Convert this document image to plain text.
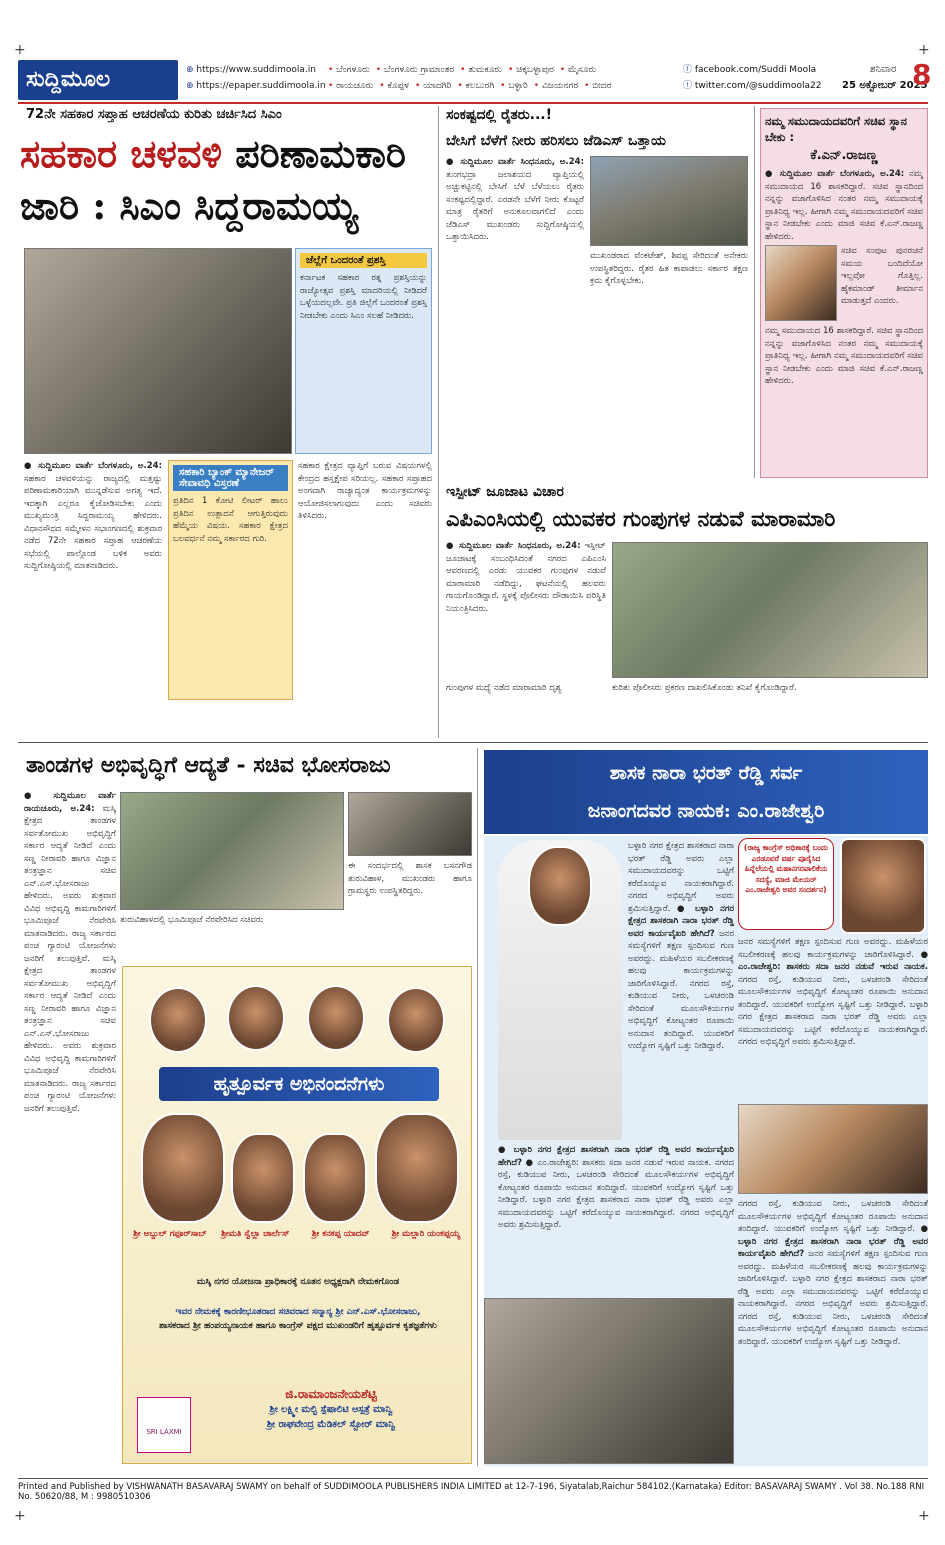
+	+
+	+
ಸುದ್ದಿಮೂಲ	⊕ https://www.suddimoola.in
⊕ https://epaper.suddimoola.in
• ಬೆಂಗಳೂರು • ಬೆಂಗಳೂರು ಗ್ರಾಮಾಂತರ • ತುಮಕೂರು • ಚಿಕ್ಕಬಳ್ಳಾಪುರ • ಮೈಸೂರು
• ರಾಯಚೂರು • ಕೊಪ್ಪಳ • ಯಾದಗಿರಿ • ಕಲಬುರಗಿ • ಬಳ್ಳಾರಿ • ವಿಜಯನಗರ • ಬೀದರ
ⓕ facebook.com/Suddi Moola
ⓣ twitter.com/@suddimoola22
ಶನಿವಾರ
25 ಅಕ್ಟೋಬರ್ 2025
8
72ನೇ ಸಹಕಾರ ಸಪ್ತಾಹ ಆಚರಣೆಯ ಕುರಿತು ಚರ್ಚಿಸಿದ ಸಿಎಂ
ಸಹಕಾರ ಚಳವಳಿ ಪರಿಣಾಮಕಾರಿ
ಜಾರಿ : ಸಿಎಂ ಸಿದ್ದರಾಮಯ್ಯ
ಜೆಲ್ಲೆಗೆ ಒಂದರಂತೆ ಪ್ರಶಸ್ತಿ
ಕರ್ನಾಟಕ ಸಹಕಾರ ರತ್ನ ಪ್ರಶಸ್ತಿಯನ್ನು ರಾಜ್ಯೋತ್ಸವ ಪ್ರಶಸ್ತಿ ಮಾದರಿಯಲ್ಲಿ ನೀಡಿದರೆ ಒಳ್ಳೆಯದಲ್ಲವೇ. ಪ್ರತಿ ಜಿಲ್ಲೆಗೆ ಒಂದರಂತೆ ಪ್ರಶಸ್ತಿ ನೀಡಬೇಕು ಎಂದು ಸಿಎಂ ಸಲಹೆ ನೀಡಿದರು.
● ಸುದ್ದಿಮೂಲ ವಾರ್ತೆ ಬೆಂಗಳೂರು, ಅ.24: ಸಹಕಾರ ಚಳವಳಿಯನ್ನು ರಾಜ್ಯದಲ್ಲಿ ಮತ್ತಷ್ಟು ಪರಿಣಾಮಕಾರಿಯಾಗಿ ಮುನ್ನಡೆಸುವ ಅಗತ್ಯ ಇದೆ. ಇದಕ್ಕಾಗಿ ಎಲ್ಲರೂ ಕೈಜೋಡಿಸಬೇಕು ಎಂದು ಮುಖ್ಯಮಂತ್ರಿ ಸಿದ್ದರಾಮಯ್ಯ ಹೇಳಿದರು. ವಿಧಾನಸೌಧದ ಸಮ್ಮೇಳನ ಸಭಾಂಗಣದಲ್ಲಿ ಶುಕ್ರವಾರ ನಡೆದ 72ನೇ ಸಹಕಾರ ಸಪ್ತಾಹ ಆಚರಣೆಯ ಸಭೆಯಲ್ಲಿ ಪಾಲ್ಗೊಂಡ ಬಳಿಕ ಅವರು ಸುದ್ದಿಗೋಷ್ಠಿಯಲ್ಲಿ ಮಾತನಾಡಿದರು.
ಸಹಕಾರಿ ಬ್ಯಾಂಕ್ ಮ್ಯಾನೇಜರ್ ಸೇವಾವಧಿ ವಿಸ್ತರಣೆ
ಪ್ರತಿದಿನ 1 ಕೋಟಿ ಲೀಟರ್ ಹಾಲು ಪ್ರತಿದಿನ ಉತ್ಪಾದನೆ ಆಗುತ್ತಿರುವುದು ಹೆಮ್ಮೆಯ ವಿಷಯ. ಸಹಕಾರ ಕ್ಷೇತ್ರದ ಬಲವರ್ಧನೆ ನಮ್ಮ ಸರ್ಕಾರದ ಗುರಿ.
ಸಹಕಾರ ಕ್ಷೇತ್ರದ ವ್ಯಾಪ್ತಿಗೆ ಬರುವ ವಿಷಯಗಳಲ್ಲಿ ಕೇಂದ್ರದ ಹಸ್ತಕ್ಷೇಪ ಸರಿಯಲ್ಲ. ಸಹಕಾರ ಸಪ್ತಾಹದ ಅಂಗವಾಗಿ ರಾಜ್ಯಾದ್ಯಂತ ಕಾರ್ಯಕ್ರಮಗಳನ್ನು ಆಯೋಜಿಸಲಾಗುವುದು ಎಂದು ಸಚಿವರು ತಿಳಿಸಿದರು.
ಸಂಕಷ್ಟದಲ್ಲಿ ರೈತರು...!
ಬೇಸಿಗೆ ಬೆಳೆಗೆ ನೀರು ಹರಿಸಲು ಜೆಡಿಎಸ್ ಒತ್ತಾಯ
● ಸುದ್ದಿಮೂಲ ವಾರ್ತೆ ಸಿಂಧನೂರು, ಅ.24: ತುಂಗಭದ್ರಾ ಜಲಾಶಯದ ವ್ಯಾಪ್ತಿಯಲ್ಲಿ ಅಚ್ಚುಕಟ್ಟಿನಲ್ಲಿ ಬೇಸಿಗೆ ಬೆಳೆ ಬೆಳೆಯಲು ರೈತರು ಸಂಕಷ್ಟದಲ್ಲಿದ್ದಾರೆ. ಎರಡನೇ ಬೆಳೆಗೆ ನೀರು ಕೊಟ್ಟರೆ ಮಾತ್ರ ರೈತರಿಗೆ ಅನುಕೂಲವಾಗಲಿದೆ ಎಂದು ಜೆಡಿಎಸ್ ಮುಖಂಡರು ಸುದ್ದಿಗೋಷ್ಠಿಯಲ್ಲಿ ಒತ್ತಾಯಿಸಿದರು.
ಮುಖಂಡರಾದ ವೆಂಕಟೇಶ್, ಶಿವಪ್ಪ ಸೇರಿದಂತೆ ಅನೇಕರು ಉಪಸ್ಥಿತರಿದ್ದರು. ರೈತರ ಹಿತ ಕಾಪಾಡಲು ಸರ್ಕಾರ ತಕ್ಷಣ ಕ್ರಮ ಕೈಗೊಳ್ಳಬೇಕು.
ನಮ್ಮ ಸಮುದಾಯದವರಿಗೆ ಸಚಿವ ಸ್ಥಾನ ಬೇಕು :
ಕೆ.ಎನ್.ರಾಜಣ್ಣ
● ಸುದ್ದಿಮೂಲ ವಾರ್ತೆ ಬೆಂಗಳೂರು, ಅ.24: ನಮ್ಮ ಸಮುದಾಯದ 16 ಶಾಸಕರಿದ್ದಾರೆ. ಸಚಿವ ಸ್ಥಾನದಿಂದ ನನ್ನನ್ನು ವಜಾಗೊಳಿಸಿದ ನಂತರ ನಮ್ಮ ಸಮುದಾಯಕ್ಕೆ ಪ್ರಾತಿನಿಧ್ಯ ಇಲ್ಲ. ಹೀಗಾಗಿ ನಮ್ಮ ಸಮುದಾಯದವರಿಗೆ ಸಚಿವ ಸ್ಥಾನ ನೀಡಬೇಕು ಎಂದು ಮಾಜಿ ಸಚಿವ ಕೆ.ಎನ್.ರಾಜಣ್ಣ ಹೇಳಿದರು.
ಸಚಿವ ಸಂಪುಟ ಪುನರಚನೆ ಸಮಯ ಬಂದಿದೆಯೋ ಇಲ್ಲವೋ ಗೊತ್ತಿಲ್ಲ. ಹೈಕಮಾಂಡ್ ತೀರ್ಮಾನ ಮಾಡುತ್ತದೆ ಎಂದರು.
ನಮ್ಮ ಸಮುದಾಯದ 16 ಶಾಸಕರಿದ್ದಾರೆ. ಸಚಿವ ಸ್ಥಾನದಿಂದ ನನ್ನನ್ನು ವಜಾಗೊಳಿಸಿದ ನಂತರ ನಮ್ಮ ಸಮುದಾಯಕ್ಕೆ ಪ್ರಾತಿನಿಧ್ಯ ಇಲ್ಲ. ಹೀಗಾಗಿ ನಮ್ಮ ಸಮುದಾಯದವರಿಗೆ ಸಚಿವ ಸ್ಥಾನ ನೀಡಬೇಕು ಎಂದು ಮಾಜಿ ಸಚಿವ ಕೆ.ಎನ್.ರಾಜಣ್ಣ ಹೇಳಿದರು.
ಇಸ್ಪೀಟ್ ಜೂಜಾಟ ವಿಚಾರ
ಎಪಿಎಂಸಿಯಲ್ಲಿ ಯುವಕರ ಗುಂಪುಗಳ ನಡುವೆ ಮಾರಾಮಾರಿ
● ಸುದ್ದಿಮೂಲ ವಾರ್ತೆ ಸಿಂಧನೂರು, ಅ.24: ಇಸ್ಪೀಟ್ ಜೂಜಾಟಕ್ಕೆ ಸಂಬಂಧಿಸಿದಂತೆ ನಗರದ ಎಪಿಎಂಸಿ ಆವರಣದಲ್ಲಿ ಎರಡು ಯುವಕರ ಗುಂಪುಗಳ ನಡುವೆ ಮಾರಾಮಾರಿ ನಡೆದಿದ್ದು, ಘಟನೆಯಲ್ಲಿ ಹಲವರು ಗಾಯಗೊಂಡಿದ್ದಾರೆ. ಸ್ಥಳಕ್ಕೆ ಪೊಲೀಸರು ದೌಡಾಯಿಸಿ ಪರಿಸ್ಥಿತಿ ನಿಯಂತ್ರಿಸಿದರು.
ಗುಂಪುಗಳ ಮಧ್ಯೆ ನಡೆದ ಮಾರಾಮಾರಿ ದೃಶ್ಯ	ಕುರಿತು ಪೊಲೀಸರು ಪ್ರಕರಣ ದಾಖಲಿಸಿಕೊಂಡು ತನಿಖೆ ಕೈಗೊಂಡಿದ್ದಾರೆ.
ತಾಂಡಗಳ ಅಭಿವೃದ್ಧಿಗೆ ಆದ್ಯತೆ - ಸಚಿವ ಭೋಸರಾಜು
● ಸುದ್ದಿಮೂಲ ವಾರ್ತೆ ರಾಯಚೂರು, ಅ.24: ಮಸ್ಕಿ ಕ್ಷೇತ್ರದ ತಾಂಡಗಳ ಸರ್ವತೋಮುಖ ಅಭಿವೃದ್ಧಿಗೆ ಸರ್ಕಾರ ಆದ್ಯತೆ ನೀಡಿದೆ ಎಂದು ಸಣ್ಣ ನೀರಾವರಿ ಹಾಗೂ ವಿಜ್ಞಾನ ತಂತ್ರಜ್ಞಾನ ಸಚಿವ ಎನ್.ಎಸ್.ಭೋಸರಾಜು ಹೇಳಿದರು. ಅವರು ಶುಕ್ರವಾರ ವಿವಿಧ ಅಭಿವೃದ್ಧಿ ಕಾಮಗಾರಿಗಳಿಗೆ ಭೂಮಿಪೂಜೆ ನೆರವೇರಿಸಿ ಮಾತನಾಡಿದರು. ರಾಜ್ಯ ಸರ್ಕಾರದ ಪಂಚ ಗ್ಯಾರಂಟಿ ಯೋಜನೆಗಳು ಜನರಿಗೆ ತಲುಪುತ್ತಿವೆ. ಮಸ್ಕಿ ಕ್ಷೇತ್ರದ ತಾಂಡಗಳ ಸರ್ವತೋಮುಖ ಅಭಿವೃದ್ಧಿಗೆ ಸರ್ಕಾರ ಆದ್ಯತೆ ನೀಡಿದೆ ಎಂದು ಸಣ್ಣ ನೀರಾವರಿ ಹಾಗೂ ವಿಜ್ಞಾನ ತಂತ್ರಜ್ಞಾನ ಸಚಿವ ಎನ್.ಎಸ್.ಭೋಸರಾಜು ಹೇಳಿದರು. ಅವರು ಶುಕ್ರವಾರ ವಿವಿಧ ಅಭಿವೃದ್ಧಿ ಕಾಮಗಾರಿಗಳಿಗೆ ಭೂಮಿಪೂಜೆ ನೆರವೇರಿಸಿ ಮಾತನಾಡಿದರು. ರಾಜ್ಯ ಸರ್ಕಾರದ ಪಂಚ ಗ್ಯಾರಂಟಿ ಯೋಜನೆಗಳು ಜನರಿಗೆ ತಲುಪುತ್ತಿವೆ.
ತುರುವಿಹಾಳದಲ್ಲಿ ಭೂಮಿಪೂಜೆ ನೆರವೇರಿಸಿದ ಸಚಿವರು
ಈ ಸಂದರ್ಭದಲ್ಲಿ ಶಾಸಕ ಬಸನಗೌಡ ತುರುವಿಹಾಳ, ಮುಖಂಡರು ಹಾಗೂ ಗ್ರಾಮಸ್ಥರು ಉಪಸ್ಥಿತರಿದ್ದರು.
ಹೃತ್ಪೂರ್ವಕ ಅಭಿನಂದನೆಗಳು
ಶ್ರೀ ಅಬ್ದುಲ್ ಗಫೂರ್‌ಸಾಬ್	ಶ್ರೀಮತಿ ಸ್ವೆಲ್ಲಾ ಚಾರ್ಲೆಸ್	ಶ್ರೀ ಕನಕಪ್ಪ ಯಾದವ್	ಶ್ರೀ ಮಲ್ಲಾರಿ ಯಂಕಪ್ಪಯ್ಯ
ಮಸ್ಕಿ ನಗರ ಯೋಜನಾ ಪ್ರಾಧಿಕಾರಕ್ಕೆ ನೂತನ ಅಧ್ಯಕ್ಷರಾಗಿ ನೇಮಕಗೊಂಡ
ಇವರ ನೇಮಕಕ್ಕೆ ಕಾರಣೀಭೂತರಾದ ಸಚಿವರಾದ ಸನ್ಮಾನ್ಯ ಶ್ರೀ ಎನ್.ಎಸ್.ಭೋಸರಾಜು,
ಶಾಸಕರಾದ ಶ್ರೀ ಹಂಪಯ್ಯನಾಯಕ ಹಾಗೂ ಕಾಂಗ್ರೆಸ್ ಪಕ್ಷದ ಮುಖಂಡರಿಗೆ ಹೃತ್ಪೂರ್ವಕ ಕೃತಜ್ಞತೆಗಳು
SRI LAXMI
ಜಿ.ರಾಮಾಂಜನೇಯಶೆಟ್ಟಿ
ಶ್ರೀ ಲಕ್ಷ್ಮೀ ಮಲ್ಟಿ ಸ್ಪೆಷಾಲಿಟಿ ಆಸ್ಪತ್ರೆ ಮಾನ್ವಿ
ಶ್ರೀ ರಾಘವೇಂದ್ರ ಮೆಡಿಕಲ್ ಸ್ಟೋರ್ ಮಾನ್ವಿ
ಶಾಸಕ ನಾರಾ ಭರತ್ ರೆಡ್ಡಿ ಸರ್ವ
ಜನಾಂಗದವರ ನಾಯಕ: ಎಂ.ರಾಜೇಶ್ವರಿ
ಬಳ್ಳಾರಿ ನಗರ ಕ್ಷೇತ್ರದ ಶಾಸಕರಾದ ನಾರಾ ಭರತ್ ರೆಡ್ಡಿ ಅವರು ಎಲ್ಲಾ ಸಮುದಾಯದವರನ್ನು ಒಟ್ಟಿಗೆ ಕರೆದೊಯ್ಯುವ ನಾಯಕರಾಗಿದ್ದಾರೆ. ನಗರದ ಅಭಿವೃದ್ಧಿಗೆ ಅವರು ಶ್ರಮಿಸುತ್ತಿದ್ದಾರೆ. ● ಬಳ್ಳಾರಿ ನಗರ ಕ್ಷೇತ್ರದ ಶಾಸಕರಾಗಿ ನಾರಾ ಭರತ್ ರೆಡ್ಡಿ ಅವರ ಕಾರ್ಯವೈಖರಿ ಹೇಗಿದೆ? ಜನರ ಸಮಸ್ಯೆಗಳಿಗೆ ತಕ್ಷಣ ಸ್ಪಂದಿಸುವ ಗುಣ ಅವರದ್ದು. ಮಹಿಳೆಯರ ಸಬಲೀಕರಣಕ್ಕೆ ಹಲವು ಕಾರ್ಯಕ್ರಮಗಳನ್ನು ಜಾರಿಗೊಳಿಸಿದ್ದಾರೆ. ನಗರದ ರಸ್ತೆ, ಕುಡಿಯುವ ನೀರು, ಒಳಚರಂಡಿ ಸೇರಿದಂತೆ ಮೂಲಸೌಕರ್ಯಗಳ ಅಭಿವೃದ್ಧಿಗೆ ಕೋಟ್ಯಂತರ ರೂಪಾಯಿ ಅನುದಾನ ತಂದಿದ್ದಾರೆ. ಯುವಕರಿಗೆ ಉದ್ಯೋಗ ಸೃಷ್ಟಿಗೆ ಒತ್ತು ನೀಡಿದ್ದಾರೆ.
(ರಾಜ್ಯ ಕಾಂಗ್ರೆಸ್ ಅಧಿಕಾರಕ್ಕೆ ಬಂದು ಎರಡೂವರೆ ವರ್ಷ ಪೂರೈಸಿದ ಹಿನ್ನೆಲೆಯಲ್ಲಿ ಮಹಾನಗರಪಾಲಿಕೆಯ ಸದಸ್ಯೆ, ಮಾಜಿ ಮೇಯರ್ ಎಂ.ರಾಜೇಶ್ವರಿ ಅವರ ಸಂದರ್ಶನ)
ಜನರ ಸಮಸ್ಯೆಗಳಿಗೆ ತಕ್ಷಣ ಸ್ಪಂದಿಸುವ ಗುಣ ಅವರದ್ದು. ಮಹಿಳೆಯರ ಸಬಲೀಕರಣಕ್ಕೆ ಹಲವು ಕಾರ್ಯಕ್ರಮಗಳನ್ನು ಜಾರಿಗೊಳಿಸಿದ್ದಾರೆ. ● ಎಂ.ರಾಜೇಶ್ವರಿ: ಶಾಸಕರು ಸದಾ ಜನರ ನಡುವೆ ಇರುವ ನಾಯಕ. ನಗರದ ರಸ್ತೆ, ಕುಡಿಯುವ ನೀರು, ಒಳಚರಂಡಿ ಸೇರಿದಂತೆ ಮೂಲಸೌಕರ್ಯಗಳ ಅಭಿವೃದ್ಧಿಗೆ ಕೋಟ್ಯಂತರ ರೂಪಾಯಿ ಅನುದಾನ ತಂದಿದ್ದಾರೆ. ಯುವಕರಿಗೆ ಉದ್ಯೋಗ ಸೃಷ್ಟಿಗೆ ಒತ್ತು ನೀಡಿದ್ದಾರೆ. ಬಳ್ಳಾರಿ ನಗರ ಕ್ಷೇತ್ರದ ಶಾಸಕರಾದ ನಾರಾ ಭರತ್ ರೆಡ್ಡಿ ಅವರು ಎಲ್ಲಾ ಸಮುದಾಯದವರನ್ನು ಒಟ್ಟಿಗೆ ಕರೆದೊಯ್ಯುವ ನಾಯಕರಾಗಿದ್ದಾರೆ. ನಗರದ ಅಭಿವೃದ್ಧಿಗೆ ಅವರು ಶ್ರಮಿಸುತ್ತಿದ್ದಾರೆ.
● ಬಳ್ಳಾರಿ ನಗರ ಕ್ಷೇತ್ರದ ಶಾಸಕರಾಗಿ ನಾರಾ ಭರತ್ ರೆಡ್ಡಿ ಅವರ ಕಾರ್ಯವೈಖರಿ ಹೇಗಿದೆ? ● ಎಂ.ರಾಜೇಶ್ವರಿ: ಶಾಸಕರು ಸದಾ ಜನರ ನಡುವೆ ಇರುವ ನಾಯಕ. ನಗರದ ರಸ್ತೆ, ಕುಡಿಯುವ ನೀರು, ಒಳಚರಂಡಿ ಸೇರಿದಂತೆ ಮೂಲಸೌಕರ್ಯಗಳ ಅಭಿವೃದ್ಧಿಗೆ ಕೋಟ್ಯಂತರ ರೂಪಾಯಿ ಅನುದಾನ ತಂದಿದ್ದಾರೆ. ಯುವಕರಿಗೆ ಉದ್ಯೋಗ ಸೃಷ್ಟಿಗೆ ಒತ್ತು ನೀಡಿದ್ದಾರೆ. ಬಳ್ಳಾರಿ ನಗರ ಕ್ಷೇತ್ರದ ಶಾಸಕರಾದ ನಾರಾ ಭರತ್ ರೆಡ್ಡಿ ಅವರು ಎಲ್ಲಾ ಸಮುದಾಯದವರನ್ನು ಒಟ್ಟಿಗೆ ಕರೆದೊಯ್ಯುವ ನಾಯಕರಾಗಿದ್ದಾರೆ. ನಗರದ ಅಭಿವೃದ್ಧಿಗೆ ಅವರು ಶ್ರಮಿಸುತ್ತಿದ್ದಾರೆ.
ನಗರದ ರಸ್ತೆ, ಕುಡಿಯುವ ನೀರು, ಒಳಚರಂಡಿ ಸೇರಿದಂತೆ ಮೂಲಸೌಕರ್ಯಗಳ ಅಭಿವೃದ್ಧಿಗೆ ಕೋಟ್ಯಂತರ ರೂಪಾಯಿ ಅನುದಾನ ತಂದಿದ್ದಾರೆ. ಯುವಕರಿಗೆ ಉದ್ಯೋಗ ಸೃಷ್ಟಿಗೆ ಒತ್ತು ನೀಡಿದ್ದಾರೆ. ● ಬಳ್ಳಾರಿ ನಗರ ಕ್ಷೇತ್ರದ ಶಾಸಕರಾಗಿ ನಾರಾ ಭರತ್ ರೆಡ್ಡಿ ಅವರ ಕಾರ್ಯವೈಖರಿ ಹೇಗಿದೆ? ಜನರ ಸಮಸ್ಯೆಗಳಿಗೆ ತಕ್ಷಣ ಸ್ಪಂದಿಸುವ ಗುಣ ಅವರದ್ದು. ಮಹಿಳೆಯರ ಸಬಲೀಕರಣಕ್ಕೆ ಹಲವು ಕಾರ್ಯಕ್ರಮಗಳನ್ನು ಜಾರಿಗೊಳಿಸಿದ್ದಾರೆ. ಬಳ್ಳಾರಿ ನಗರ ಕ್ಷೇತ್ರದ ಶಾಸಕರಾದ ನಾರಾ ಭರತ್ ರೆಡ್ಡಿ ಅವರು ಎಲ್ಲಾ ಸಮುದಾಯದವರನ್ನು ಒಟ್ಟಿಗೆ ಕರೆದೊಯ್ಯುವ ನಾಯಕರಾಗಿದ್ದಾರೆ. ನಗರದ ಅಭಿವೃದ್ಧಿಗೆ ಅವರು ಶ್ರಮಿಸುತ್ತಿದ್ದಾರೆ. ನಗರದ ರಸ್ತೆ, ಕುಡಿಯುವ ನೀರು, ಒಳಚರಂಡಿ ಸೇರಿದಂತೆ ಮೂಲಸೌಕರ್ಯಗಳ ಅಭಿವೃದ್ಧಿಗೆ ಕೋಟ್ಯಂತರ ರೂಪಾಯಿ ಅನುದಾನ ತಂದಿದ್ದಾರೆ. ಯುವಕರಿಗೆ ಉದ್ಯೋಗ ಸೃಷ್ಟಿಗೆ ಒತ್ತು ನೀಡಿದ್ದಾರೆ.
Printed and Published by VISHWANATH BASAVARAJ SWAMY on behalf of SUDDIMOOLA PUBLISHERS INDIA LIMITED at 12-7-196, Siyatalab,Raichur 584102.(Karnataka) Editor: BASAVARAJ SWAMY . Vol 38. No.188 RNI No. 50620/88, M : 9980510306
